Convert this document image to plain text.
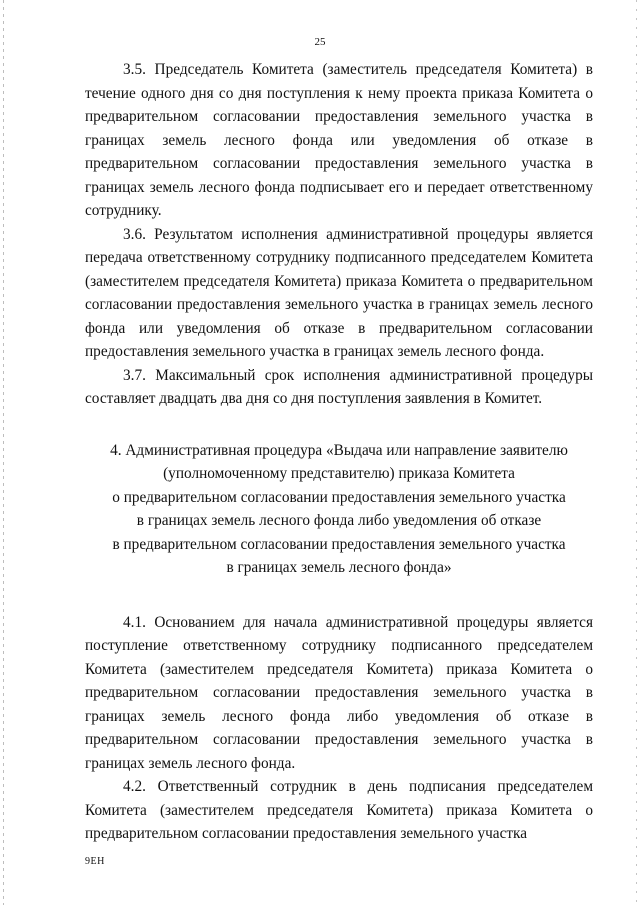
25

3.5. Председатель Комитета (заместитель председателя Комитета) в течение одного дня со дня поступления к нему проекта приказа Комитета о предварительном согласовании предоставления земельного участка в границах земель лесного фонда или уведомления об отказе в предварительном согласовании предоставления земельного участка в границах земель лесного фонда подписывает его и передает ответственному сотруднику.

3.6. Результатом исполнения административной процедуры является передача ответственному сотруднику подписанного председателем Комитета (заместителем председателя Комитета) приказа Комитета о предварительном согласовании предоставления земельного участка в границах земель лесного фонда или уведомления об отказе в предварительном согласовании предоставления земельного участка в границах земель лесного фонда.

3.7. Максимальный срок исполнения административной процедуры составляет двадцать два дня со дня поступления заявления в Комитет.

4. Административная процедура «Выдача или направление заявителю
(уполномоченному представителю) приказа Комитета
о предварительном согласовании предоставления земельного участка
в границах земель лесного фонда либо уведомления об отказе
в предварительном согласовании предоставления земельного участка
в границах земель лесного фонда»

4.1. Основанием для начала административной процедуры является поступление ответственному сотруднику подписанного председателем Комитета (заместителем председателя Комитета) приказа Комитета о предварительном согласовании предоставления земельного участка в границах земель лесного фонда либо уведомления об отказе в предварительном согласовании предоставления земельного участка в границах земель лесного фонда.

4.2. Ответственный сотрудник в день подписания председателем Комитета (заместителем председателя Комитета) приказа Комитета о предварительном согласовании предоставления земельного участка

9ЕН
